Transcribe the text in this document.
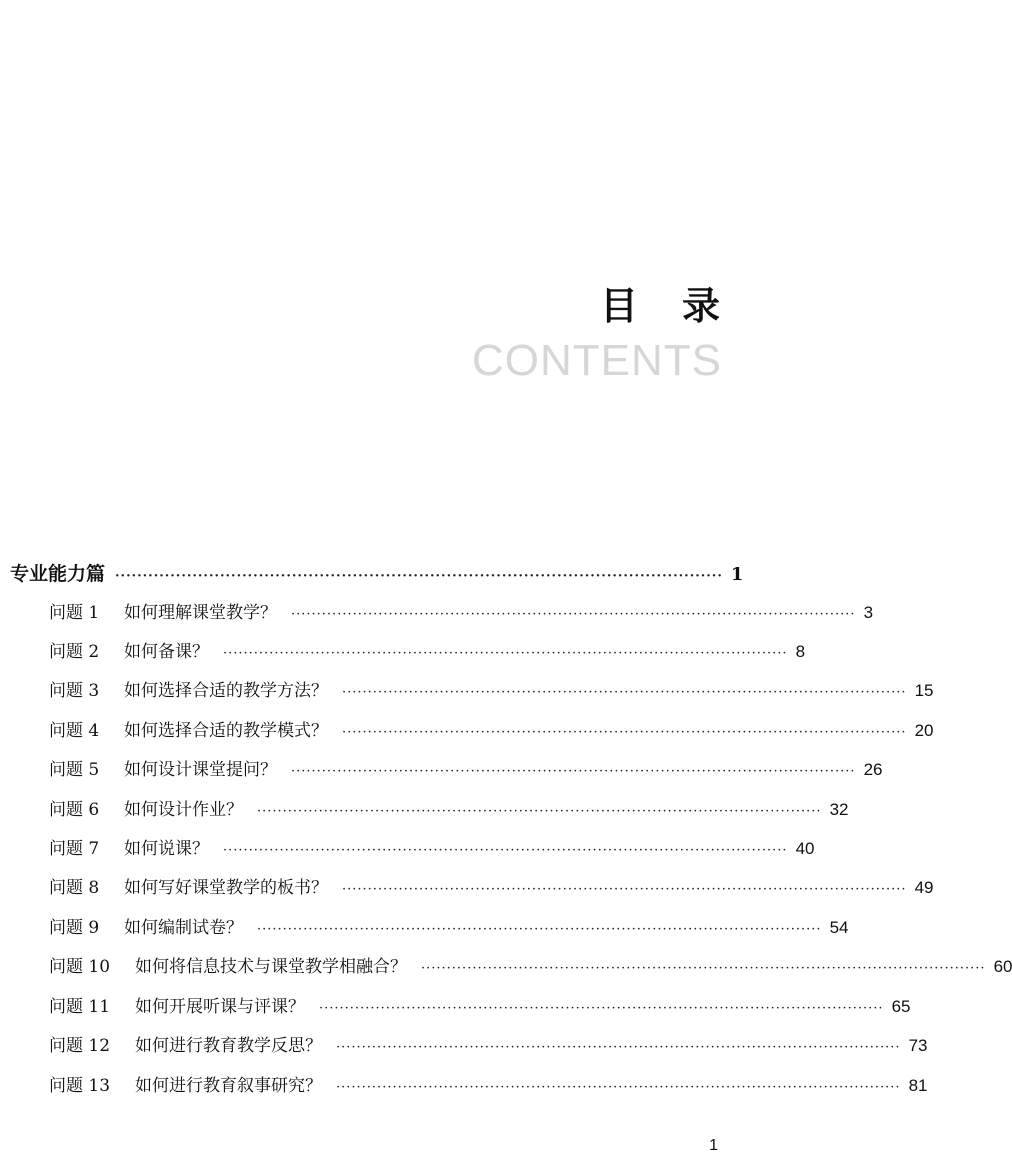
目录
CONTENTS
专业能力篇 ·············································································································· 1
问题 1	如何理解课堂教学？ ·············································································································· 3
问题 2	如何备课？ ·············································································································· 8
问题 3	如何选择合适的教学方法？ ·············································································································· 15
问题 4	如何选择合适的教学模式？ ·············································································································· 20
问题 5	如何设计课堂提问？ ·············································································································· 26
问题 6	如何设计作业？ ·············································································································· 32
问题 7	如何说课？ ·············································································································· 40
问题 8	如何写好课堂教学的板书？ ·············································································································· 49
问题 9	如何编制试卷？ ·············································································································· 54
问题 10	如何将信息技术与课堂教学相融合？ ·············································································································· 60
问题 11	如何开展听课与评课？ ·············································································································· 65
问题 12	如何进行教育教学反思？ ·············································································································· 73
问题 13	如何进行教育叙事研究？ ·············································································································· 81
1
